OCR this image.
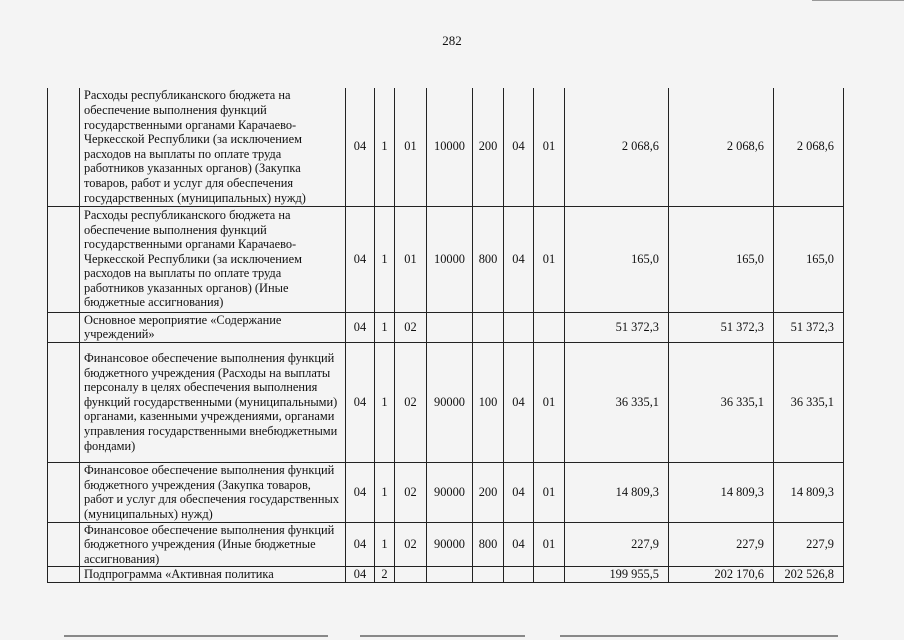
282
	Расходы республиканского бюджета на обеспечение выполнения функций государственными органами Карачаево-Черкесской Республики (за исключением расходов на выплаты по оплате труда работников указанных органов) (Закупка товаров, работ и услуг для обеспечения государственных (муниципальных) нужд)	04	1	01	10000	200	04	01	2 068,6	2 068,6	2 068,6
	Расходы республиканского бюджета на обеспечение выполнения функций государственными органами Карачаево-Черкесской Республики (за исключением расходов на выплаты по оплате труда работников указанных органов) (Иные бюджетные ассигнования)	04	1	01	10000	800	04	01	165,0	165,0	165,0
	Основное мероприятие «Содержание учреждений»	04	1	02					51 372,3	51 372,3	51 372,3
	Финансовое обеспечение выполнения функций бюджетного учреждения (Расходы на выплаты персоналу в целях обеспечения выполнения функций государственными (муниципальными) органами, казенными учреждениями, органами управления государственными внебюджетными фондами)	04	1	02	90000	100	04	01	36 335,1	36 335,1	36 335,1
	Финансовое обеспечение выполнения функций бюджетного учреждения (Закупка товаров, работ и услуг для обеспечения государственных (муниципальных) нужд)	04	1	02	90000	200	04	01	14 809,3	14 809,3	14 809,3
	Финансовое обеспечение выполнения функций бюджетного учреждения (Иные бюджетные ассигнования)	04	1	02	90000	800	04	01	227,9	227,9	227,9
	Подпрограмма «Активная политика	04	2						199 955,5	202 170,6	202 526,8
